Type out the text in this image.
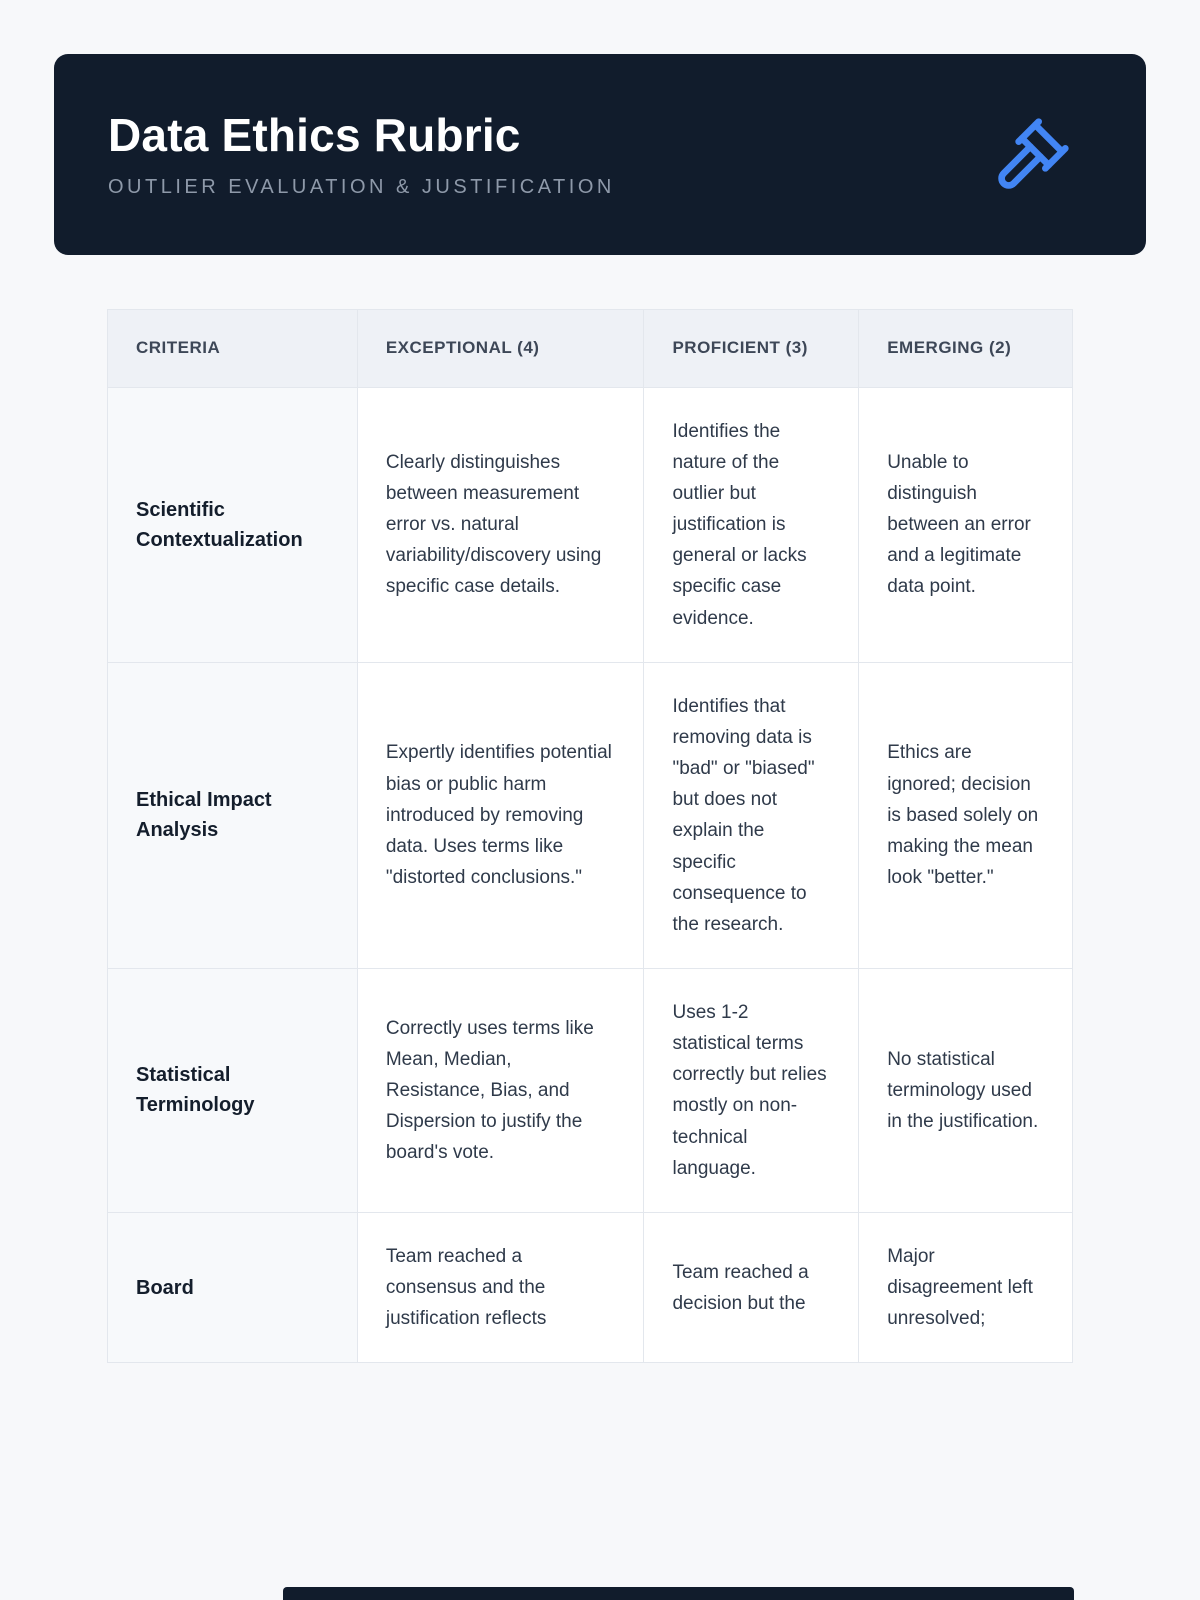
Data Ethics Rubric
OUTLIER EVALUATION & JUSTIFICATION
CRITERIA	EXCEPTIONAL (4)	PROFICIENT (3)	EMERGING (2)
Scientific Contextualization	Clearly distinguishes between measurement error vs. natural variability/discovery using specific case details.	Identifies the nature of the outlier but justification is general or lacks specific case evidence.	Unable to distinguish between an error and a legitimate data point.
Ethical Impact Analysis	Expertly identifies potential bias or public harm introduced by removing data. Uses terms like "distorted conclusions."	Identifies that removing data is "bad" or "biased" but does not explain the specific consequence to the research.	Ethics are ignored; decision is based solely on making the mean look "better."
Statistical Terminology	Correctly uses terms like Mean, Median, Resistance, Bias, and Dispersion to justify the board's vote.	Uses 1-2 statistical terms correctly but relies mostly on non-technical language.	No statistical terminology used in the justification.
Board	Team reached a consensus and the justification reflects	Team reached a decision but the	Major disagreement left unresolved;
